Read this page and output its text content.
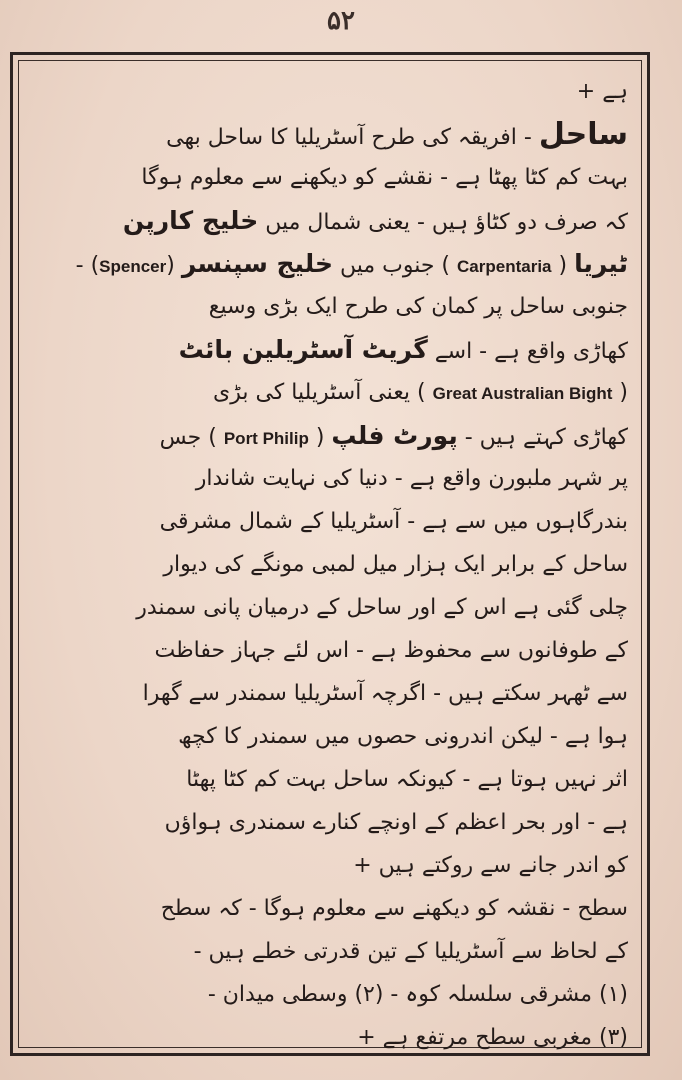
۵۲
ہے +
ساحل - افریقہ کی طرح آسٹریلیا کا ساحل بھی
بہت کم کٹا پھٹا ہے - نقشے کو دیکھنے سے معلوم ہوگا
کہ صرف دو کٹاؤ ہیں - یعنی شمال میں خلیج کارپن
ٹیریا ( Carpentaria ) جنوب میں خلیج سپنسر (Spencer) -
جنوبی ساحل پر کمان کی طرح ایک بڑی وسیع
کھاڑی واقع ہے - اسے گریٹ آسٹریلین بائٹ
( Great Australian Bight ) یعنی آسٹریلیا کی بڑی
کھاڑی کہتے ہیں - پورٹ فلپ ( Port Philip ) جس
پر شہر ملبورن واقع ہے - دنیا کی نہایت شاندار
بندرگاہوں میں سے ہے - آسٹریلیا کے شمال مشرقی
ساحل کے برابر ایک ہزار میل لمبی مونگے کی دیوار
چلی گئی ہے اس کے اور ساحل کے درمیان پانی سمندر
کے طوفانوں سے محفوظ ہے - اس لئے جہاز حفاظت
سے ٹھہر سکتے ہیں - اگرچہ آسٹریلیا سمندر سے گھرا
ہوا ہے - لیکن اندرونی حصوں میں سمندر کا کچھ
اثر نہیں ہوتا ہے - کیونکہ ساحل بہت کم کٹا پھٹا
ہے - اور بحر اعظم کے اونچے کنارے سمندری ہواؤں
کو اندر جانے سے روکتے ہیں +
سطح - نقشہ کو دیکھنے سے معلوم ہوگا - کہ سطح
کے لحاظ سے آسٹریلیا کے تین قدرتی خطے ہیں -
(۱) مشرقی سلسلہ کوہ - (۲) وسطی میدان -
(۳) مغربی سطح مرتفع ہے +
